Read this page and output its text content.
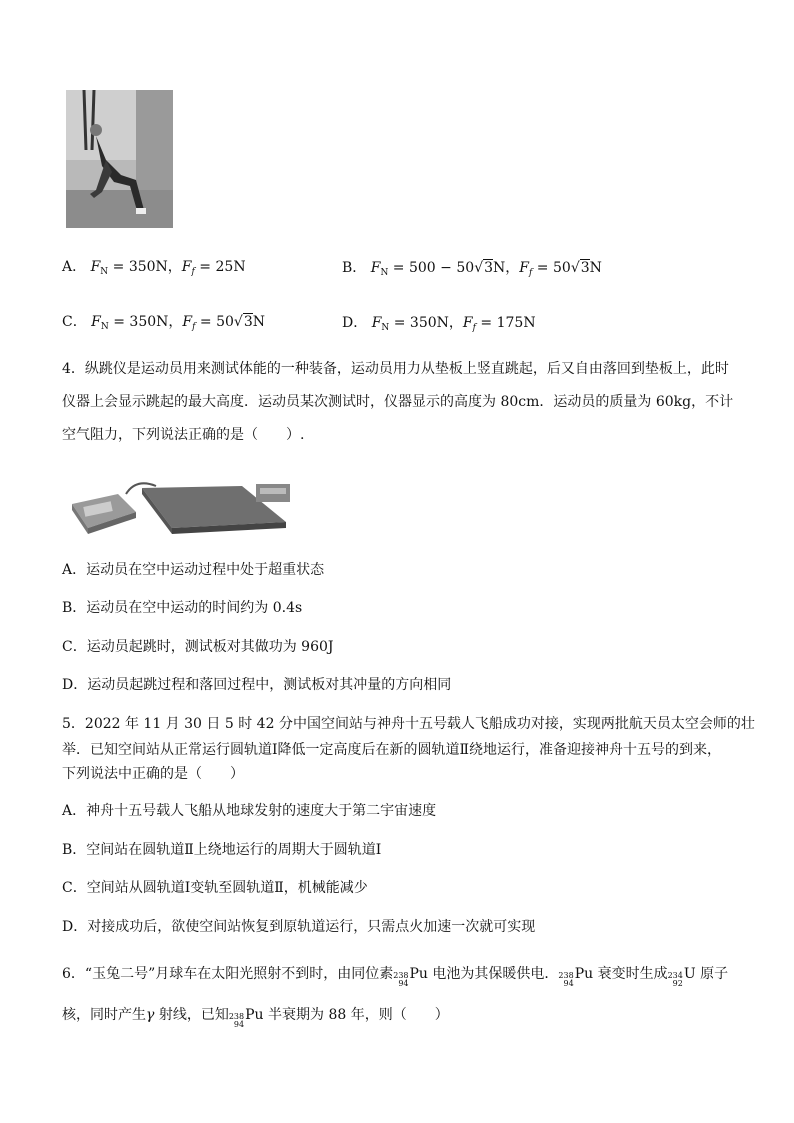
A． $F_N = 350N$，$F_f = 25N$	B． $F_N = 500 - 50√3N$，$F_f = 50√3N$
C． $F_N = 350N$，$F_f = 50√3N$	D． $F_N = 350N$，$F_f = 175N$
4．纵跳仪是运动员用来测试体能的一种装备，运动员用力从垫板上竖直跳起，后又自由落回到垫板上，此时
仪器上会显示跳起的最大高度．运动员某次测试时，仪器显示的高度为 80cm．运动员的质量为 60kg，不计
空气阻力，下列说法正确的是（　　）.
A．运动员在空中运动过程中处于超重状态
B．运动员在空中运动的时间约为 0.4s
C．运动员起跳时，测试板对其做功为 960J
D．运动员起跳过程和落回过程中，测试板对其冲量的方向相同
5．2022 年 11 月 30 日 5 时 42 分中国空间站与神舟十五号载人飞船成功对接，实现两批航天员太空会师的壮
举．已知空间站从正常运行圆轨道Ⅰ降低一定高度后在新的圆轨道Ⅱ绕地运行，准备迎接神舟十五号的到来，
下列说法中正确的是（　　）
A．神舟十五号载人飞船从地球发射的速度大于第二宇宙速度
B．空间站在圆轨道Ⅱ上绕地运行的周期大于圆轨道Ⅰ
C．空间站从圆轨道Ⅰ变轨至圆轨道Ⅱ，机械能减少
D．对接成功后，欲使空间站恢复到原轨道运行，只需点火加速一次就可实现
6．“玉兔二号”月球车在太阳光照射不到时，由同位素 238
94
Pu 电池为其保暖供电． 238
94
Pu 衰变时生成 234
92
U 原子
核，同时产生γ 射线，已知 238
94
Pu 半衰期为 88 年，则（　　）
